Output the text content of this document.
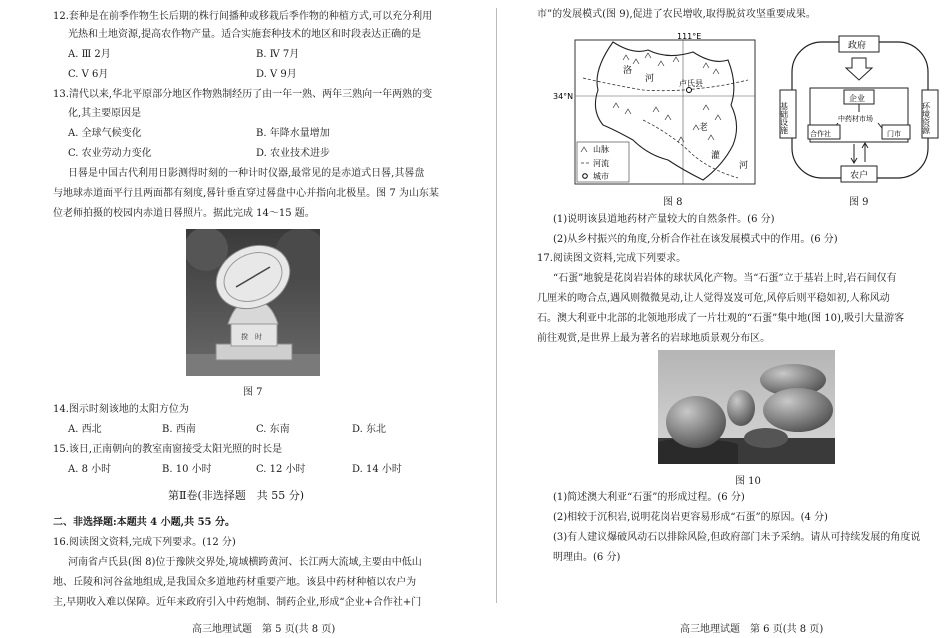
12.套种是在前季作物生长后期的株行间播种或移栽后季作物的种植方式,可以充分利用
光热和土地资源,提高农作物产量。适合实施套种技术的地区和时段表达正确的是
A. Ⅲ 2月	B. Ⅳ 7月
C. Ⅴ 6月	D. Ⅴ 9月
13.清代以来,华北平原部分地区作物熟制经历了由一年一熟、两年三熟向一年两熟的变
化,其主要原因是
A. 全球气候变化	B. 年降水量增加
C. 农业劳动力变化	D. 农业技术进步
日晷是中国古代利用日影测得时刻的一种计时仪器,最常见的是赤道式日晷,其晷盘
与地球赤道面平行且两面都有刻度,晷针垂直穿过晷盘中心并指向北极星。图 7 为山东某
位老师拍摄的校园内赤道日晷照片。据此完成 14～15 题。
揆　时
图 7
14.图示时刻该地的太阳方位为
A. 西北	B. 西南	C. 东南	D. 东北
15.该日,正南朝向的教室南窗接受太阳光照的时长是
A. 8 小时	B. 10 小时	C. 12 小时	D. 14 小时
第Ⅱ卷(非选择题　共 55 分)
二、非选择题:本题共 4 小题,共 55 分。
16.阅读图文资料,完成下列要求。(12 分)
河南省卢氏县(图 8)位于豫陕交界处,境域横跨黄河、长江两大流域,主要由中低山
地、丘陵和河谷盆地组成,是我国众多道地药材重要产地。该县中药材种植以农户为
主,早期收入难以保障。近年来政府引入中药炮制、制药企业,形成“企业+合作社+门
高三地理试题　第 5 页(共 8 页)
市”的发展模式(图 9),促进了农民增收,取得脱贫攻坚重要成果。
111°E
34°N
卢氏县
洛
河
老
灌
河
山脉
河流
城市
图 8
政府
企业
中药材市场
合作社	门市
农户
基础设施	环境资源
图 9
(1)说明该县道地药材产量较大的自然条件。(6 分)
(2)从乡村振兴的角度,分析合作社在该发展模式中的作用。(6 分)
17.阅读图文资料,完成下列要求。
“石蛋”地貌是花岗岩岩体的球状风化产物。当“石蛋”立于基岩上时,岩石间仅有
几厘米的吻合点,遇风则微微晃动,让人觉得岌岌可危,风停后则平稳如初,人称风动
石。澳大利亚中北部的北领地形成了一片壮观的“石蛋”集中地(图 10),吸引大量游客
前往观赏,是世界上最为著名的岩球地质景观分布区。
图 10
(1)简述澳大利亚“石蛋”的形成过程。(6 分)
(2)相较于沉积岩,说明花岗岩更容易形成“石蛋”的原因。(4 分)
(3)有人建议爆破风动石以排除风险,但政府部门未予采纳。请从可持续发展的角度说
明理由。(6 分)
高三地理试题　第 6 页(共 8 页)
